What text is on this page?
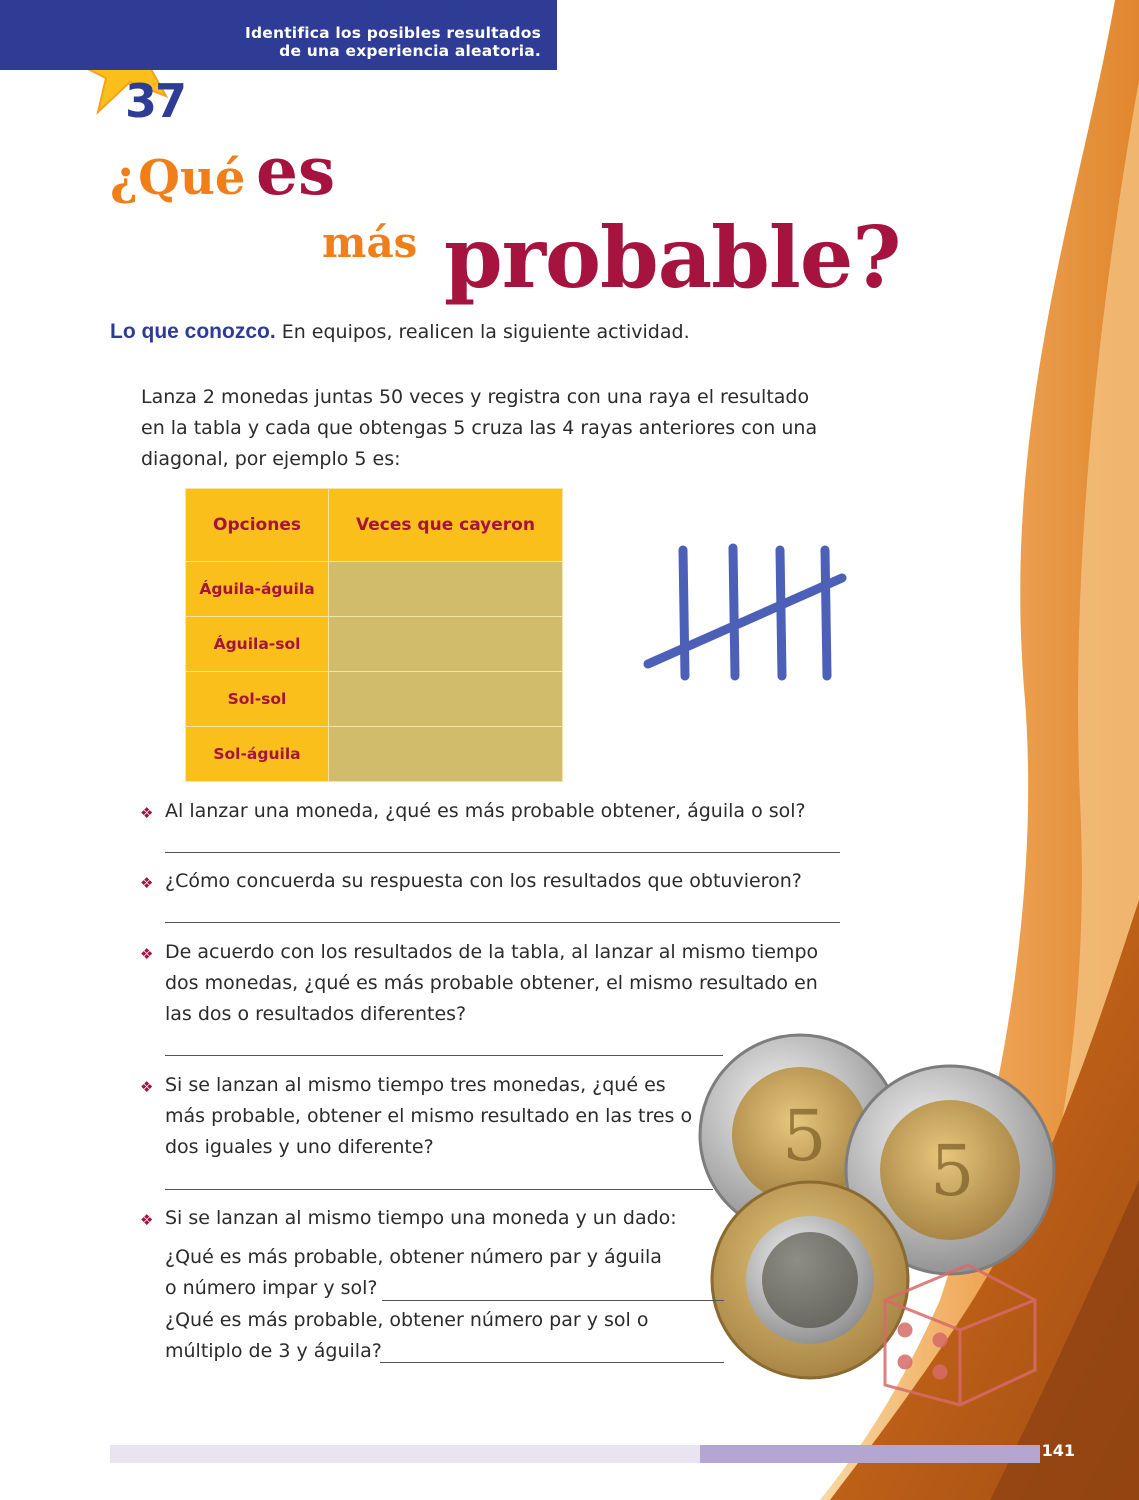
5 5
Identifica los posibles resultados
de una experiencia aleatoria.
37
¿Qué es
más probable?
Lo que conozco. En equipos, realicen la siguiente actividad.
Lanza 2 monedas juntas 50 veces y registra con una raya el resultado en la tabla y cada que obtengas 5 cruza las 4 rayas anteriores con una diagonal, por ejemplo 5 es:
Opciones	Veces que cayeron
Águila-águila	
Águila-sol	
Sol-sol	
Sol-águila	
❖ Al lanzar una moneda, ¿qué es más probable obtener, águila o sol?
❖ ¿Cómo concuerda su respuesta con los resultados que obtuvieron?
❖ De acuerdo con los resultados de la tabla, al lanzar al mismo tiempo dos monedas, ¿qué es más probable obtener, el mismo resultado en las dos o resultados diferentes?
❖ Si se lanzan al mismo tiempo tres monedas, ¿qué es más probable, obtener el mismo resultado en las tres o dos iguales y uno diferente?
❖ Si se lanzan al mismo tiempo una moneda y un dado:
¿Qué es más probable, obtener número par y águila
o número impar y sol?
¿Qué es más probable, obtener número par y sol o
múltiplo de 3 y águila?
141
